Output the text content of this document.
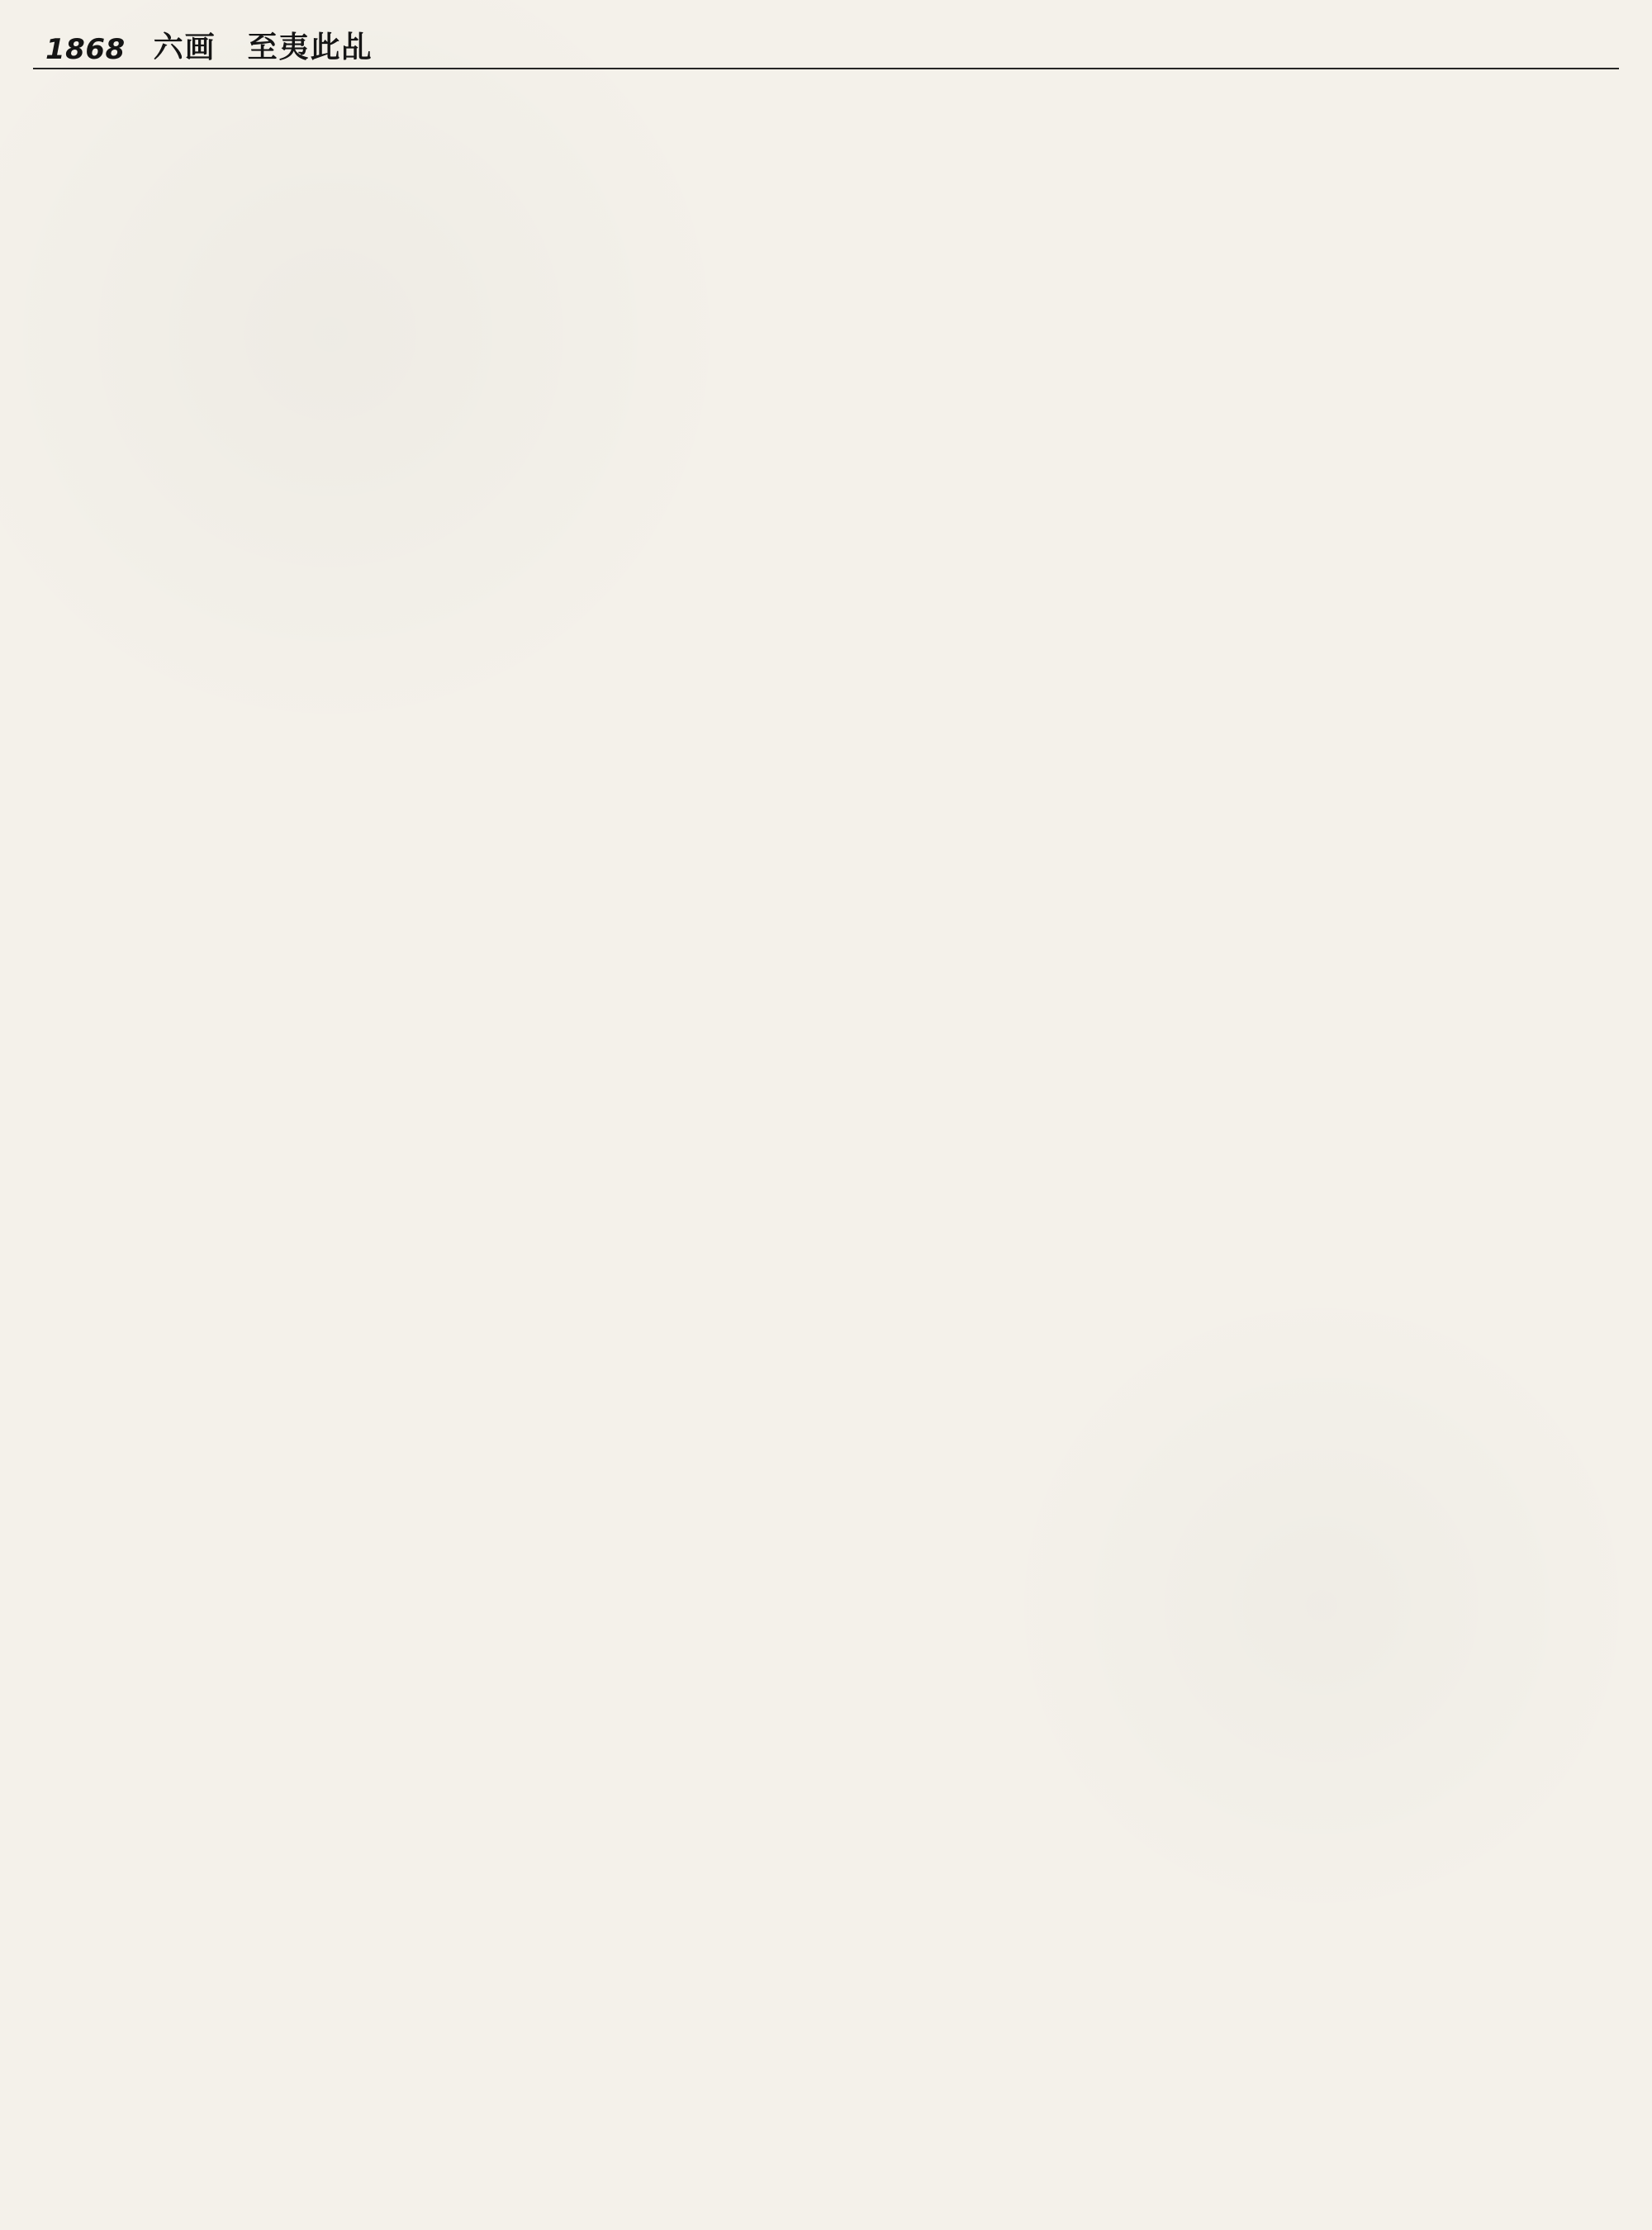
1868 六画　至夷此乩
